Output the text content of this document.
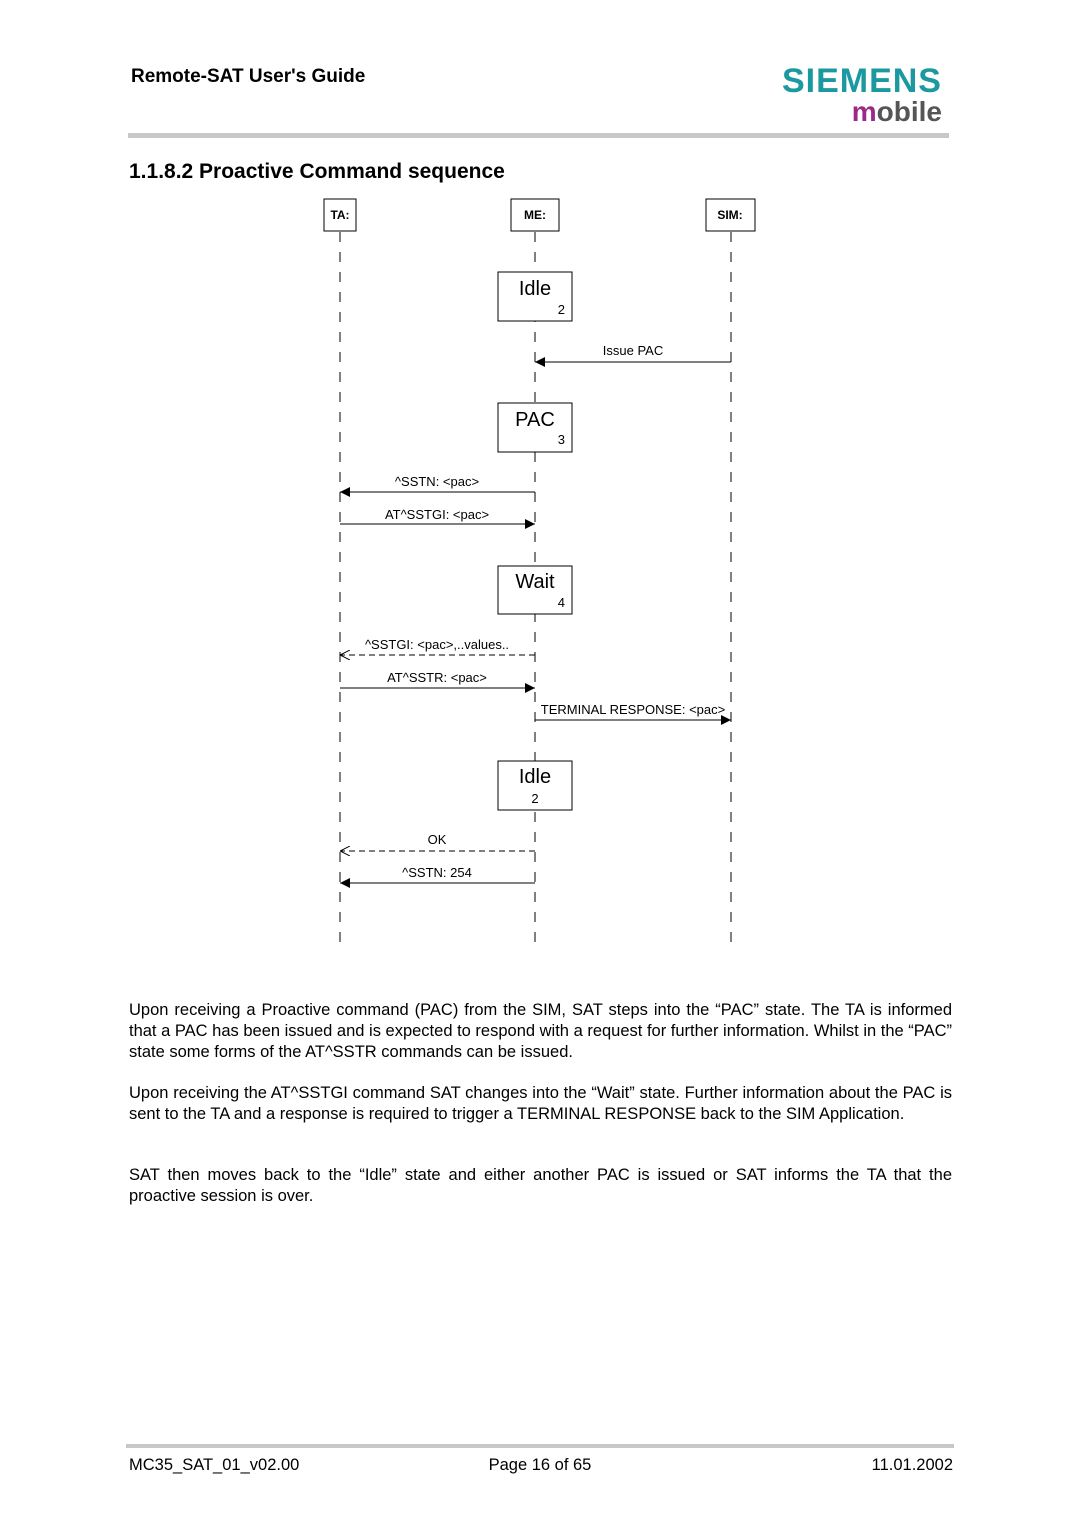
Remote-SAT User's Guide	SIEMENS
mobile
1.1.8.2 Proactive Command sequence
TA:	ME:	SIM:
Idle
2
Issue PAC
PAC
3
^SSTN: <pac>
AT^SSTGI: <pac>
Wait
4
^SSTGI: <pac>,..values..
AT^SSTR: <pac>
TERMINAL RESPONSE: <pac>
Idle
2
OK
^SSTN: 254
Upon receiving a Proactive command (PAC) from the SIM, SAT steps into the “PAC” state. The TA is informed that a PAC has been issued and is expected to respond with a request for further information. Whilst in the “PAC” state some forms of the AT^SSTR commands can be issued.
Upon receiving the AT^SSTGI command SAT changes into the “Wait” state. Further information about the PAC is sent to the TA and a response is required to trigger a TERMINAL RESPONSE back to the SIM Application.
SAT then moves back to the “Idle” state and either another PAC is issued or SAT informs the TA that the proactive session is over.
MC35_SAT_01_v02.00	Page 16 of 65	11.01.2002
